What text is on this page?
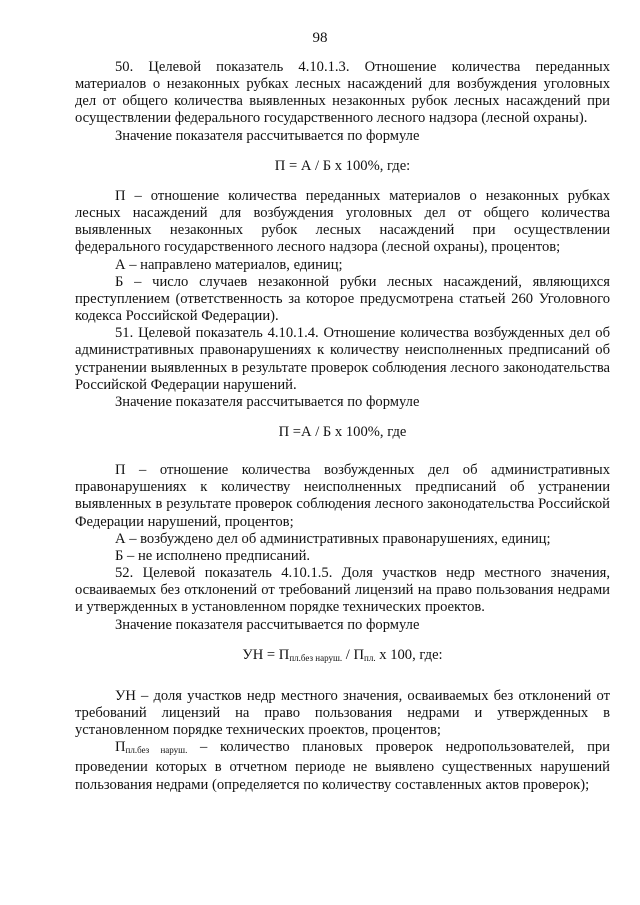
98

50. Целевой показатель 4.10.1.3. Отношение количества переданных материалов о незаконных рубках лесных насаждений для возбуждения уголовных дел от общего количества выявленных незаконных рубок лесных насаждений при осуществлении федерального государственного лесного надзора (лесной охраны).

Значение показателя рассчитывается по формуле

П = А / Б х 100%, где:

П – отношение количества переданных материалов о незаконных рубках лесных насаждений для возбуждения уголовных дел от общего количества выявленных незаконных рубок лесных насаждений при осуществлении федерального государственного лесного надзора (лесной охраны), процентов;

А – направлено материалов, единиц;

Б – число случаев незаконной рубки лесных насаждений, являющихся преступлением (ответственность за которое предусмотрена статьей 260 Уголовного кодекса Российской Федерации).

51. Целевой показатель 4.10.1.4. Отношение количества возбужденных дел об административных правонарушениях к количеству неисполненных предписаний об устранении выявленных в результате проверок соблюдения лесного законодательства Российской Федерации нарушений.

Значение показателя рассчитывается по формуле

П =А / Б х 100%, где

П – отношение количества возбужденных дел об административных правонарушениях к количеству неисполненных предписаний об устранении выявленных в результате проверок соблюдения лесного законодательства Российской Федерации нарушений, процентов;

А – возбуждено дел об административных правонарушениях, единиц;

Б – не исполнено предписаний.

52. Целевой показатель 4.10.1.5. Доля участков недр местного значения, осваиваемых без отклонений от требований лицензий на право пользования недрами и утвержденных в установленном порядке технических проектов.

Значение показателя рассчитывается по формуле

УН = $П_{пл.без наруш.} / П_{пл.}$ х 100, где:

УН – доля участков недр местного значения, осваиваемых без отклонений от требований лицензий на право пользования недрами и утвержденных в установленном порядке технических проектов, процентов;

$П_{пл.без наруш.}$ – количество плановых проверок недропользователей, при проведении которых в отчетном периоде не выявлено существенных нарушений пользования недрами (определяется по количеству составленных актов проверок);
